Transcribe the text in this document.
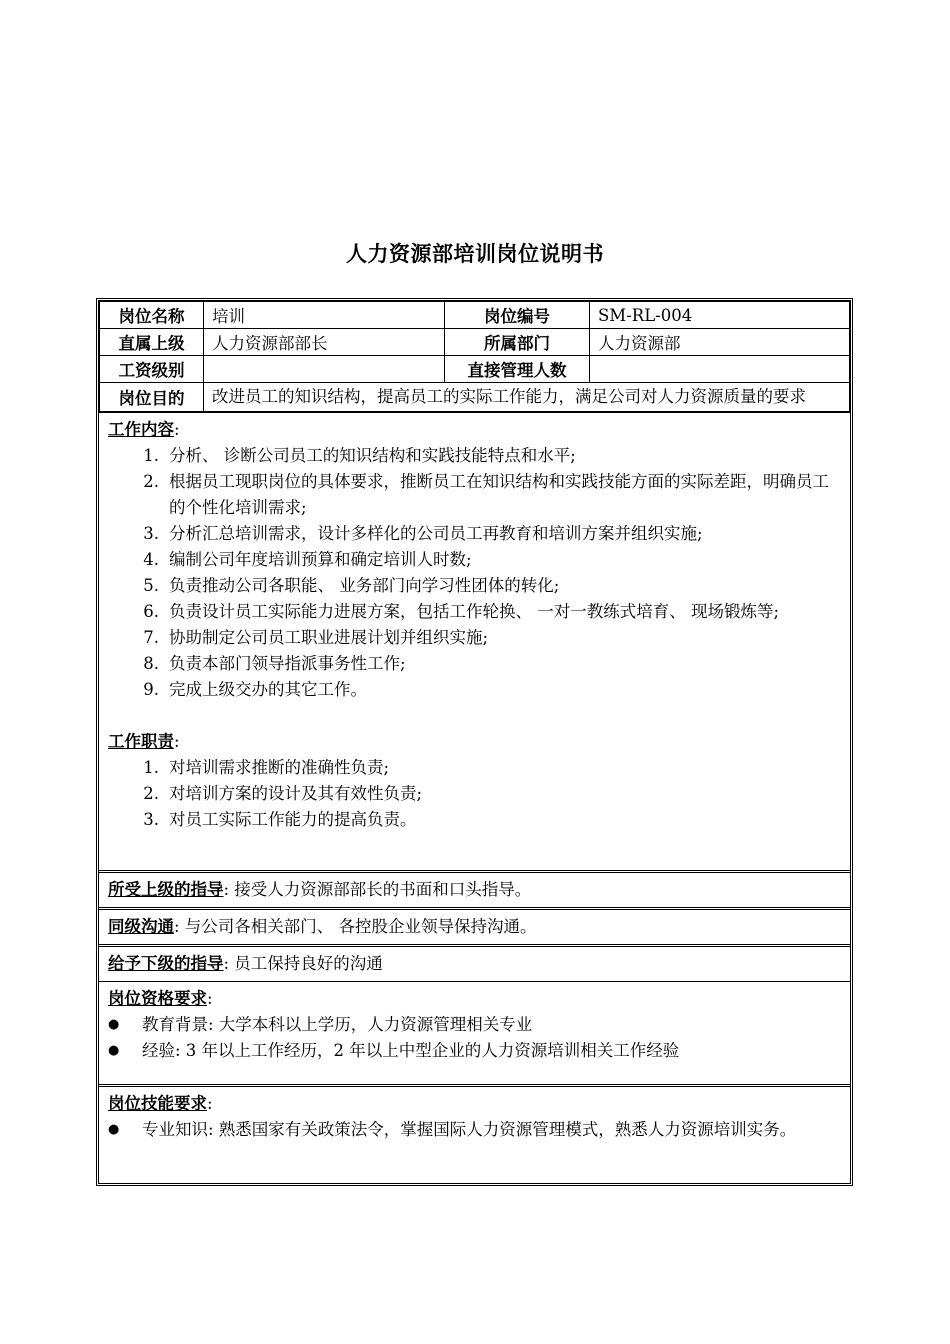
人力资源部培训岗位说明书
岗位名称	培训	岗位编号	SM-RL-004
直属上级	人力资源部部长	所属部门	人力资源部
工资级别		直接管理人数	
岗位目的	改进员工的知识结构，提高员工的实际工作能力，满足公司对人力资源质量的要求		
工作内容:
1. 分析、 诊断公司员工的知识结构和实践技能特点和水平;
2. 根据员工现职岗位的具体要求，推断员工在知识结构和实践技能方面的实际差距，明确员工的个性化培训需求;
3. 分析汇总培训需求，设计多样化的公司员工再教育和培训方案并组织实施;
4. 编制公司年度培训预算和确定培训人时数;
5. 负责推动公司各职能、 业务部门向学习性团体的转化;
6. 负责设计员工实际能力进展方案，包括工作轮换、 一对一教练式培育、 现场锻炼等;
7. 协助制定公司员工职业进展计划并组织实施;
8. 负责本部门领导指派事务性工作;
9. 完成上级交办的其它工作。
工作职责:
1. 对培训需求推断的准确性负责;
2. 对培训方案的设计及其有效性负责;
3. 对员工实际工作能力的提高负责。
所受上级的指导: 接受人力资源部部长的书面和口头指导。
同级沟通: 与公司各相关部门、 各控股企业领导保持沟通。
给予下级的指导: 员工保持良好的沟通
岗位资格要求:
●	教育背景: 大学本科以上学历，人力资源管理相关专业
●	经验: 3 年以上工作经历，2 年以上中型企业的人力资源培训相关工作经验
岗位技能要求:
●	专业知识: 熟悉国家有关政策法令，掌握国际人力资源管理模式，熟悉人力资源培训实务。
